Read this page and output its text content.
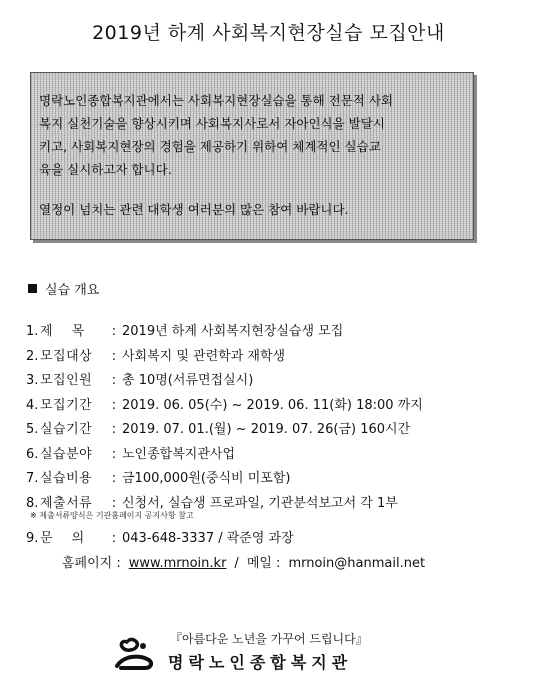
2019년 하계 사회복지현장실습 모집안내

명락노인종합복지관에서는 사회복지현장실습을 통해 전문적 사회
복지 실천기술을 향상시키며 사회복지사로서 자아인식을 발달시
키고, 사회복지현장의 경험을 제공하기 위하여 체계적인 실습교
육을 실시하고자 합니다.

열정이 넘치는 관련 대학생 여러분의 많은 참여 바랍니다.

실습 개요
1. 제    목	: 2019년 하계 사회복지현장실습생 모집
2. 모집대상	: 사회복지 및 관련학과 재학생
3. 모집인원	: 총 10명(서류면접실시)
4. 모집기간	: 2019. 06. 05(수) ~ 2019. 06. 11(화) 18:00 까지
5. 실습기간	: 2019. 07. 01.(월) ~ 2019. 07. 26(금) 160시간
6. 실습분야	: 노인종합복지관사업
7. 실습비용	: 금100,000원(중식비 미포함)
8. 제출서류	: 신청서, 실습생 프로파일, 기관분석보고서 각 1부
※ 제출서류양식은 기관홈페이지 공지사항 참고
9. 문    의	: 043-648-3337 / 곽준영 과장
홈페이지 : www.mrnoin.kr / 메일 : mrnoin@hanmail.net
『아름다운 노년을 가꾸어 드립니다』
명락노인종합복지관
